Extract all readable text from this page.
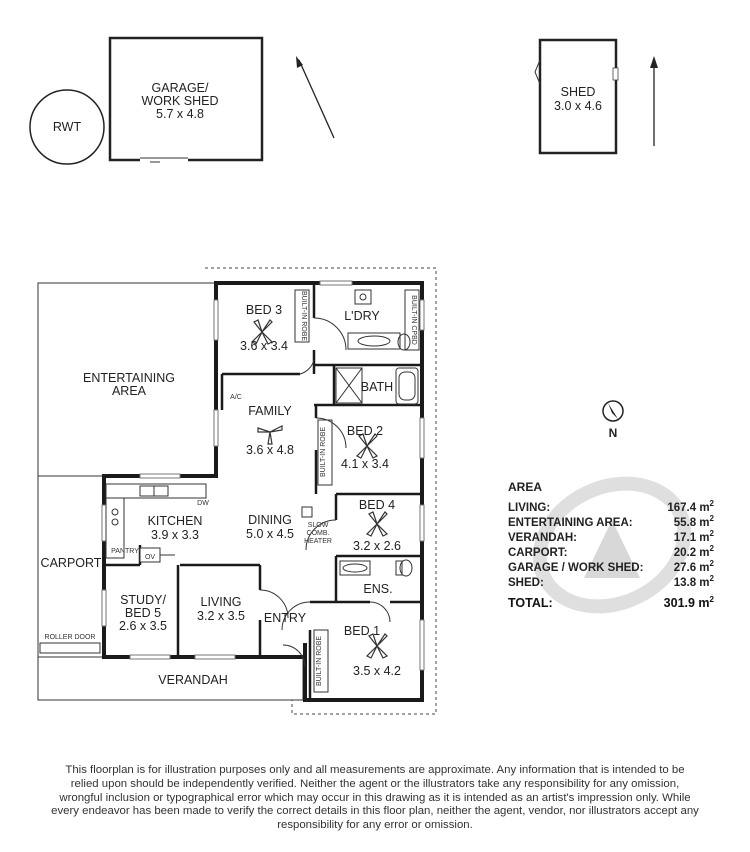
RWT
GARAGE/
WORK SHED
5.7 x 4.8
SHED
3.0 x 4.6
N
BUILT-IN ROBE	BUILT-IN CPBD
BUILT-IN ROBE
BUILT-IN ROBE
DW
PANTRY
OV
A/C
SLOW
COMB.
HEATER
ROLLER DOOR
BED 3
3.6 x 3.4
L'DRY
BATH
FAMILY
3.6 x 4.8
BED 2
4.1 x 3.4
BED 4
3.2 x 2.6
KITCHEN
3.9 x 3.3
DINING
5.0 x 4.5
ENTERTAINING
AREA
CARPORT
STUDY/
BED 5
2.6 x 3.5
LIVING
3.2 x 3.5 ENTRY
ENS.
BED 1
3.5 x 4.2
VERANDAH
AREA
LIVING:	167.4 $m^2$
ENTERTAINING AREA:	55.8 $m^2$
VERANDAH:	17.1 $m^2$
CARPORT:	20.2 $m^2$
GARAGE / WORK SHED:	27.6 $m^2$
SHED:	13.8 $m^2$
TOTAL:	301.9 $m^2$

This floorplan is for illustration purposes only and all measurements are approximate. Any information that is intended to be relied upon should be independently verified. Neither the agent or the illustrators take any responsibility for any omission, wrongful inclusion or typographical error which may occur in this drawing as it is intended as an artist's impression only. While every endeavor has been made to verify the correct details in this floor plan, neither the agent, vendor, nor illustrators accept any responsibility for any error or omission.
